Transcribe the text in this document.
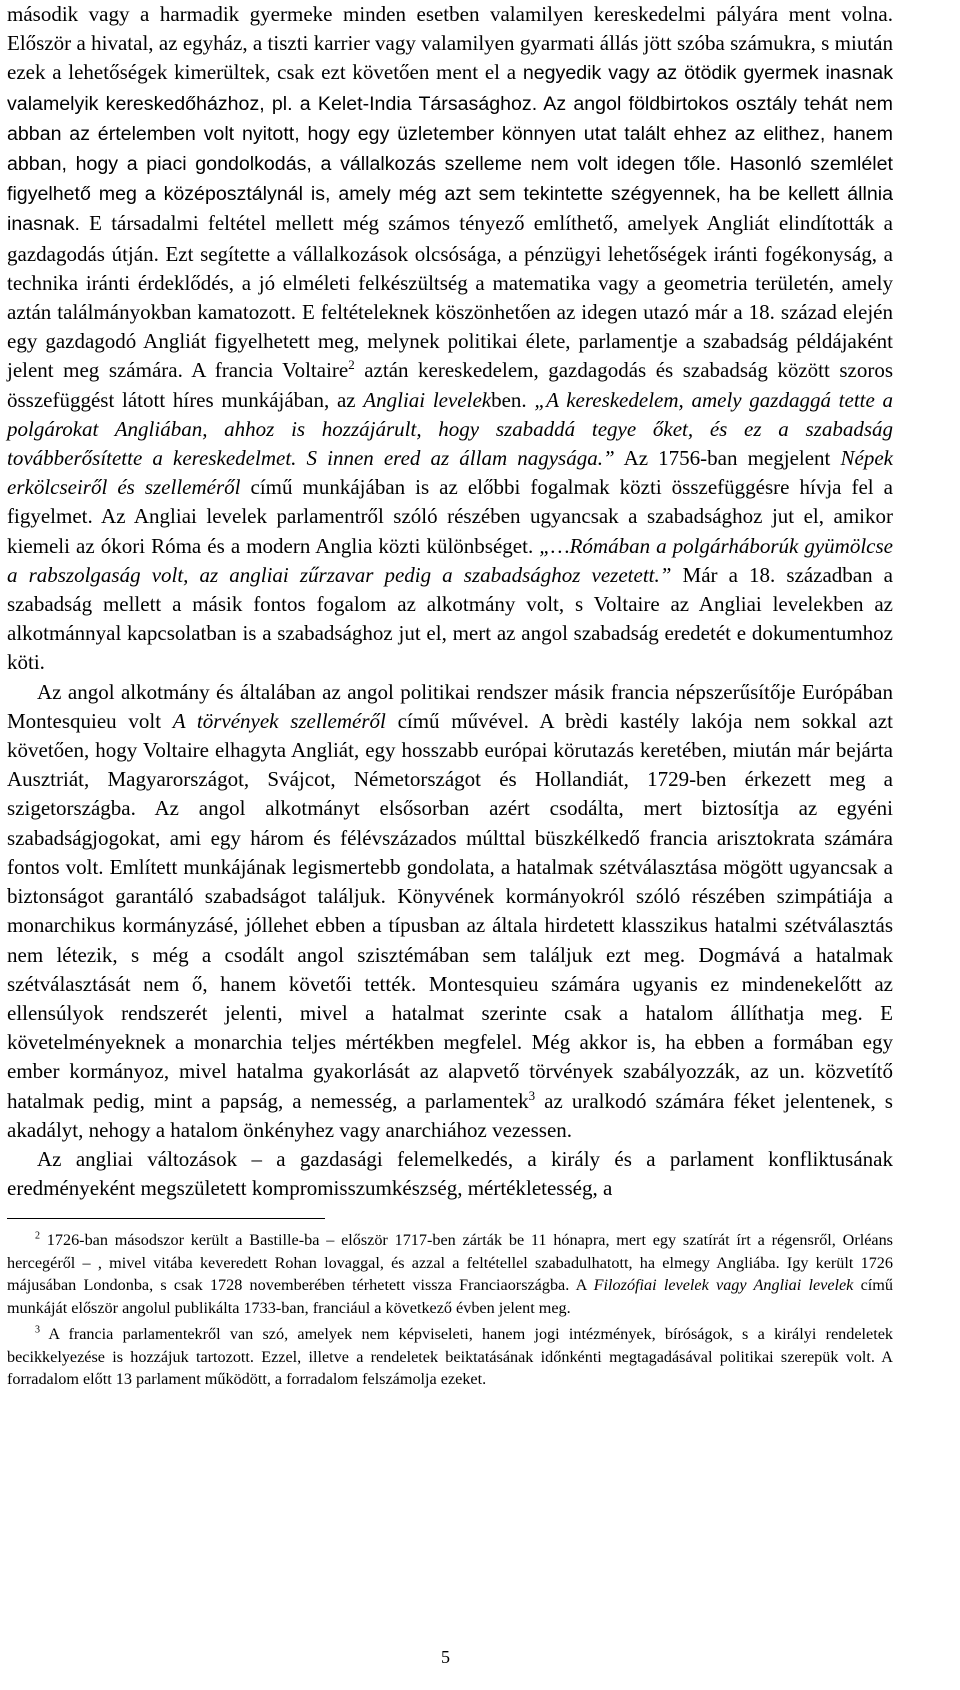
második vagy a harmadik gyermeke minden esetben valamilyen kereskedelmi pályára ment volna. Először a hivatal, az egyház, a tiszti karrier vagy valamilyen gyarmati állás jött szóba számukra, s miután ezek a lehetőségek kimerültek, csak ezt követően ment el a negyedik vagy az ötödik gyermek inasnak valamelyik kereskedőházhoz, pl. a Kelet-India Társasághoz. Az angol földbirtokos osztály tehát nem abban az értelemben volt nyitott, hogy egy üzletember könnyen utat talált ehhez az elithez, hanem abban, hogy a piaci gondolkodás, a vállalkozás szelleme nem volt idegen tőle. Hasonló szemlélet figyelhető meg a középosztálynál is, amely még azt sem tekintette szégyennek, ha be kellett állnia inasnak. E társadalmi feltétel mellett még számos tényező említhető, amelyek Angliát elindították a gazdagodás útján. Ezt segítette a vállalkozások olcsósága, a pénzügyi lehetőségek iránti fogékonyság, a technika iránti érdeklődés, a jó elméleti felkészültség a matematika vagy a geometria területén, amely aztán találmányokban kamatozott. E feltételeknek köszönhetően az idegen utazó már a 18. század elején egy gazdagodó Angliát figyelhetett meg, melynek politikai élete, parlamentje a szabadság példájaként jelent meg számára. A francia Voltaire$^2$ aztán kereskedelem, gazdagodás és szabadság között szoros összefüggést látott híres munkájában, az Angliai levelekben. „A kereskedelem, amely gazdaggá tette a polgárokat Angliában, ahhoz is hozzájárult, hogy szabaddá tegye őket, és ez a szabadság továbberősítette a kereskedelmet. S innen ered az állam nagysága.” Az 1756-ban megjelent Népek erkölcseiről és szelleméről című munkájában is az előbbi fogalmak közti összefüggésre hívja fel a figyelmet. Az Angliai levelek parlamentről szóló részében ugyancsak a szabadsághoz jut el, amikor kiemeli az ókori Róma és a modern Anglia közti különbséget. „…Rómában a polgárháborúk gyümölcse a rabszolgaság volt, az angliai zűrzavar pedig a szabadsághoz vezetett.” Már a 18. században a szabadság mellett a másik fontos fogalom az alkotmány volt, s Voltaire az Angliai levelekben az alkotmánnyal kapcsolatban is a szabadsághoz jut el, mert az angol szabadság eredetét e dokumentumhoz köti.

Az angol alkotmány és általában az angol politikai rendszer másik francia népszerűsítője Európában Montesquieu volt A törvények szelleméről című művével. A brèdi kastély lakója nem sokkal azt követően, hogy Voltaire elhagyta Angliát, egy hosszabb európai körutazás keretében, miután már bejárta Ausztriát, Magyarországot, Svájcot, Németországot és Hollandiát, 1729-ben érkezett meg a szigetországba. Az angol alkotmányt elsősorban azért csodálta, mert biztosítja az egyéni szabadságjogokat, ami egy három és félévszázados múlttal büszkélkedő francia arisztokrata számára fontos volt. Említett munkájának legismertebb gondolata, a hatalmak szétválasztása mögött ugyancsak a biztonságot garantáló szabadságot találjuk. Könyvének kormányokról szóló részében szimpátiája a monarchikus kormányzásé, jóllehet ebben a típusban az általa hirdetett klasszikus hatalmi szétválasztás nem létezik, s még a csodált angol szisztémában sem találjuk ezt meg. Dogmává a hatalmak szétválasztását nem ő, hanem követői tették. Montesquieu számára ugyanis ez mindenekelőtt az ellensúlyok rendszerét jelenti, mivel a hatalmat szerinte csak a hatalom állíthatja meg. E követelményeknek a monarchia teljes mértékben megfelel. Még akkor is, ha ebben a formában egy ember kormányoz, mivel hatalma gyakorlását az alapvető törvények szabályozzák, az un. közvetítő hatalmak pedig, mint a papság, a nemesség, a parlamentek$^3$ az uralkodó számára féket jelentenek, s akadályt, nehogy a hatalom önkényhez vagy anarchiához vezessen.

Az angliai változások – a gazdasági felemelkedés, a király és a parlament konfliktusának eredményeként megszületett kompromisszumkészség, mértékletesség, a

$^2$ 1726-ban másodszor került a Bastille-ba – először 1717-ben zárták be 11 hónapra, mert egy szatírát írt a régensről, Orléans hercegéről – , mivel vitába keveredett Rohan lovaggal, és azzal a feltétellel szabadulhatott, ha elmegy Angliába. Igy került 1726 májusában Londonba, s csak 1728 novemberében térhetett vissza Franciaországba. A Filozófiai levelek vagy Angliai levelek című munkáját először angolul publikálta 1733-ban, franciául a következő évben jelent meg.

$^3$ A francia parlamentekről van szó, amelyek nem képviseleti, hanem jogi intézmények, bíróságok, s a királyi rendeletek becikkelyezése is hozzájuk tartozott. Ezzel, illetve a rendeletek beiktatásának időnkénti megtagadásával politikai szerepük volt. A forradalom előtt 13 parlament működött, a forradalom felszámolja ezeket.

5
